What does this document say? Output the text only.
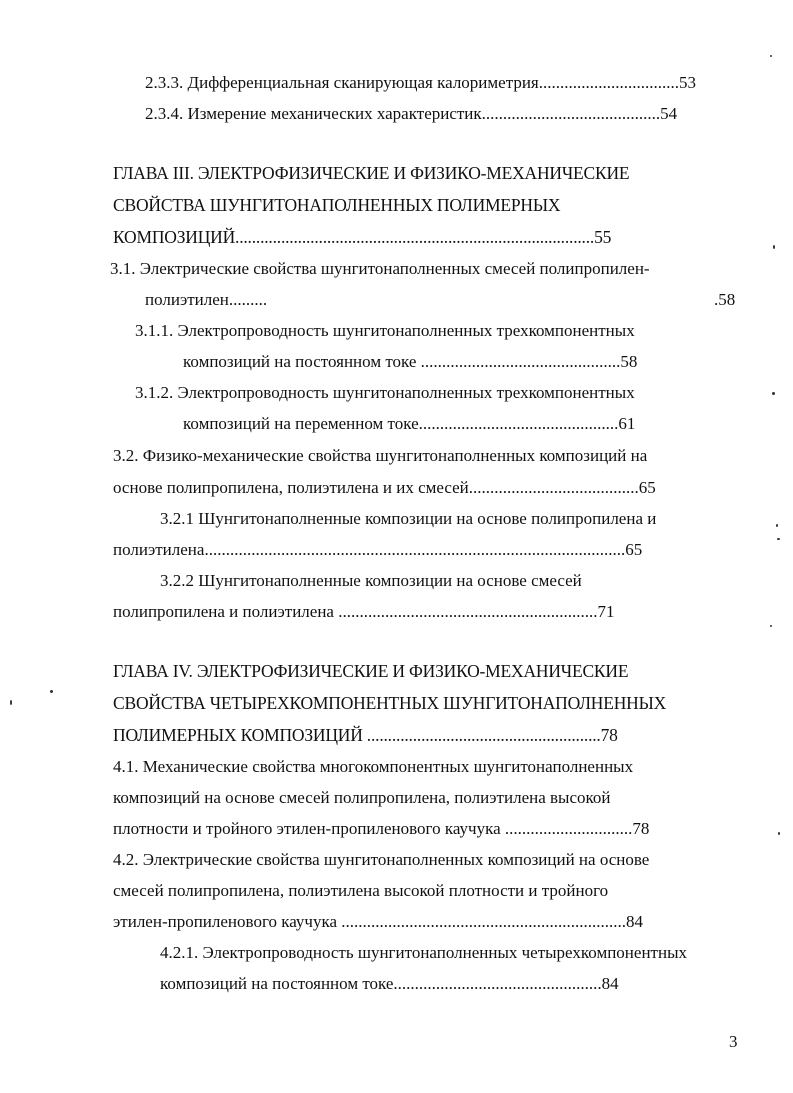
2.3.3. Дифференциальная сканирующая калориметрия.................................53
2.3.4. Измерение механических характеристик..........................................54
ГЛАВА III. ЭЛЕКТРОФИЗИЧЕСКИЕ И ФИЗИКО-МЕХАНИЧЕСКИЕ
СВОЙСТВА ШУНГИТОНАПОЛНЕННЫХ ПОЛИМЕРНЫХ
КОМПОЗИЦИЙ......................................................................................55
3.1. Электрические свойства шунгитонаполненных смесей полипропилен-
полиэтилен.........	.58
3.1.1. Электропроводность шунгитонаполненных трехкомпонентных
композиций на постоянном токе ...............................................58
3.1.2. Электропроводность шунгитонаполненных трехкомпонентных
композиций на переменном токе...............................................61
3.2. Физико-механические свойства шунгитонаполненных композиций на
основе полипропилена, полиэтилена и их смесей........................................65
3.2.1 Шунгитонаполненные композиции на основе полипропилена и
полиэтилена...................................................................................................65
3.2.2 Шунгитонаполненные композиции на основе смесей
полипропилена и полиэтилена .............................................................71
ГЛАВА IV. ЭЛЕКТРОФИЗИЧЕСКИЕ И ФИЗИКО-МЕХАНИЧЕСКИЕ
СВОЙСТВА ЧЕТЫРЕХКОМПОНЕНТНЫХ ШУНГИТОНАПОЛНЕННЫХ
ПОЛИМЕРНЫХ КОМПОЗИЦИЙ ........................................................78
4.1. Механические свойства многокомпонентных шунгитонаполненных
композиций на основе смесей полипропилена, полиэтилена высокой
плотности и тройного этилен-пропиленового каучука ..............................78
4.2. Электрические свойства шунгитонаполненных композиций на основе
смесей полипропилена, полиэтилена высокой плотности и тройного
этилен-пропиленового каучука ...................................................................84
4.2.1. Электропроводность шунгитонаполненных четырехкомпонентных
композиций на постоянном токе.................................................84
3
